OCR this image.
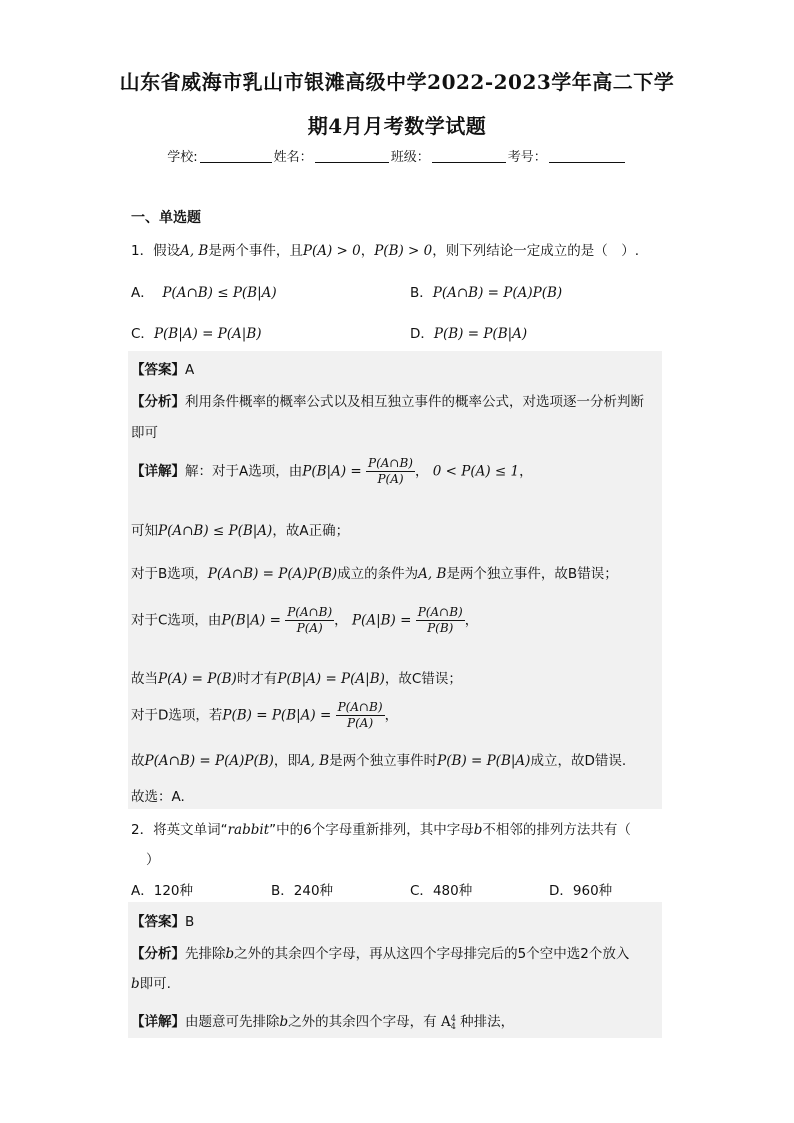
山东省威海市乳山市银滩高级中学2022-2023学年高二下学
期4月月考数学试题
学校:	姓名：	班级：	考号：
一、单选题
1．假设A, B是两个事件，且P(A) > 0，P(B) > 0，则下列结论一定成立的是（　）.
A． P(A∩B) ≤ P(B|A)	B．P(A∩B) = P(A)P(B)
C．P(B|A) = P(A|B)	D．P(B) = P(B|A)
【答案】A
【分析】利用条件概率的概率公式以及相互独立事件的概率公式，对选项逐一分析判断
即可
【详解】解：对于A选项，由$P(B|A) = \frac{P(A\cap B)}{P(A)}$ ， 0 < P(A) ≤ 1，
可知P(A∩B) ≤ P(B|A)，故A正确；
对于B选项，P(A∩B) = P(A)P(B)成立的条件为A, B是两个独立事件，故B错误；
对于C选项，由$P(B|A) = \frac{P(A\cap B)}{P(A)}$ ， $P(A|B) = \frac{P(A\cap B)}{P(B)}$ ，
故当P(A) = P(B)时才有P(B|A) = P(A|B)，故C错误；
对于D选项，若$P(B) = P(B|A) = \frac{P(A\cap B)}{P(A)}$ ，
故P(A∩B) = P(A)P(B)，即A, B是两个独立事件时P(B) = P(B|A)成立，故D错误.
故选：A.
2．将英文单词“rabbit”中的6个字母重新排列，其中字母b不相邻的排列方法共有（
）
A．120种	B．240种	C．480种	D．960种
【答案】B
【分析】先排除b之外的其余四个字母，再从这四个字母排完后的5个空中选2个放入
b即可.
【详解】由题意可先排除b之外的其余四个字母，有 A 4
4 种排法，
